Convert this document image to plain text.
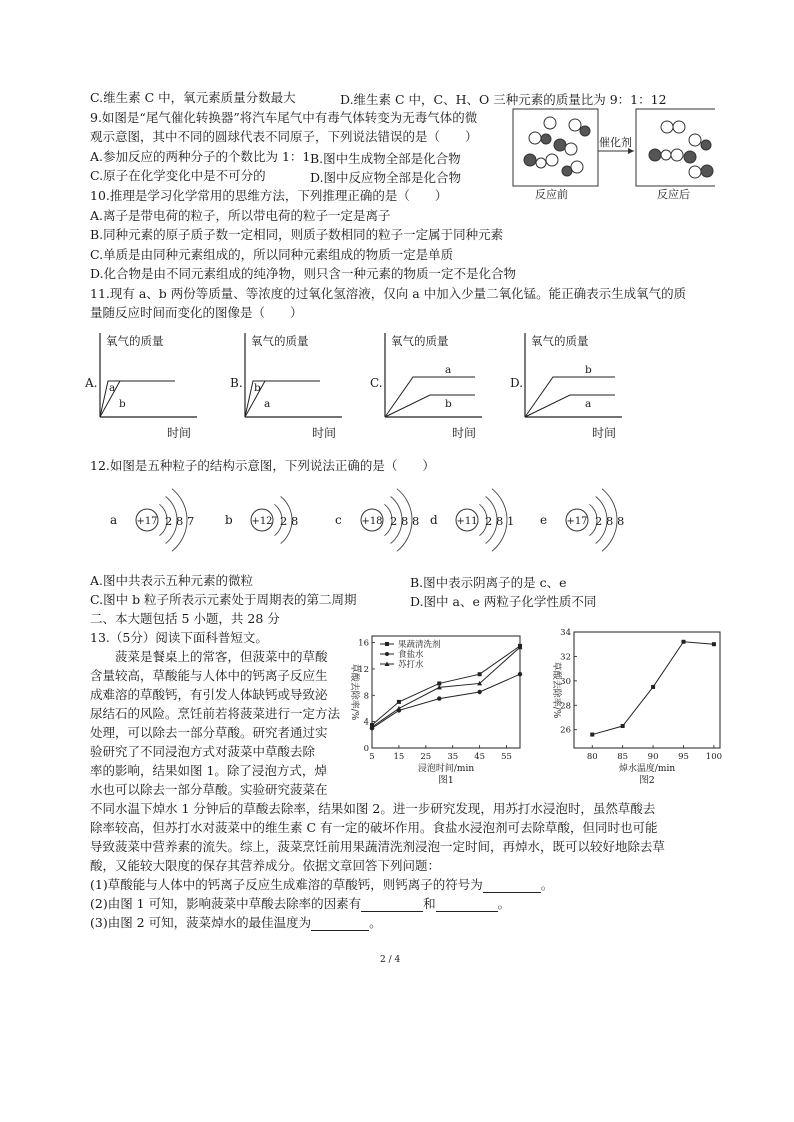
C.维生素 C 中，氧元素质量分数最大	D.维生素 C 中，C、H、O 三种元素的质量比为 9：1：12
9.如图是“尾气催化转换器”将汽车尾气中有毒气体转变为无毒气体的微
观示意图，其中不同的圆球代表不同原子，下列说法错误的是（　　）
A.参加反应的两种分子的个数比为 1：1 B.图中生成物全部是化合物
C.原子在化学变化中是不可分的	D.图中反应物全部是化合物
催化剂
反应前	反应后
10.推理是学习化学常用的思维方法，下列推理正确的是（　　）
A.离子是带电荷的粒子，所以带电荷的粒子一定是离子
B.同种元素的原子质子数一定相同，则质子数相同的粒子一定属于同种元素
C.单质是由同种元素组成的，所以同种元素组成的物质一定是单质
D.化合物是由不同元素组成的纯净物，则只含一种元素的物质一定不是化合物
11.现有 a、b 两份等质量、等浓度的过氧化氢溶液，仅向 a 中加入少量二氧化锰。能正确表示生成氧气的质
量随反应时间而变化的图像是（　　）
A.
氧气的质量
时间
a
b
B.
氧气的质量
时间
b
a
C.
氧气的质量
时间
a
b
D.
氧气的质量
时间
b
a
12.如图是五种粒子的结构示意图，下列说法正确的是（　　）
a +17 2 8 7	b +12 2 8	c +18 2 8 8 d +11 2 8 1 e +17 2 8 8
A.图中共表示五种元素的微粒	B.图中表示阴离子的是 c、e
C.图中 b 粒子所表示元素处于周期表的第二周期	D.图中 a、e 两粒子化学性质不同
二、本大题包括 5 小题，共 28 分
13.（5分）阅读下面科普短文。
　　菠菜是餐桌上的常客，但菠菜中的草酸
含量较高，草酸能与人体中的钙离子反应生
成难溶的草酸钙，有引发人体缺钙或导致泌
尿结石的风险。烹饪前若将菠菜进行一定方法
处理，可以除去一部分草酸。研究者通过实
验研究了不同浸泡方式对菠菜中草酸去除
率的影响，结果如图 1。除了浸泡方式，焯
水也可以除去一部分草酸。实验研究菠菜在
5 15 25 35 45 55
0
4
8
12
16
浸泡时间/min
图1
草酸去除率/%
果蔬清洗剂
食盐水
苏打水
80 85 90 95 100
26
28
30
32
34
焯水温度/min
图2
草酸去除率/%
不同水温下焯水 1 分钟后的草酸去除率，结果如图 2。进一步研究发现，用苏打水浸泡时，虽然草酸去
除率较高，但苏打水对菠菜中的维生素 C 有一定的破坏作用。食盐水浸泡剂可去除草酸，但同时也可能
导致菠菜中营养素的流失。综上，菠菜烹饪前用果蔬清洗剂浸泡一定时间，再焯水，既可以较好地除去草
酸，又能较大限度的保存其营养成分。依据文章回答下列问题：
(1)草酸能与人体中的钙离子反应生成难溶的草酸钙，则钙离子的符号为	。
(2)由图 1 可知，影响菠菜中草酸去除率的因素有	和	。
(3)由图 2 可知，菠菜焯水的最佳温度为	。
2 / 4
